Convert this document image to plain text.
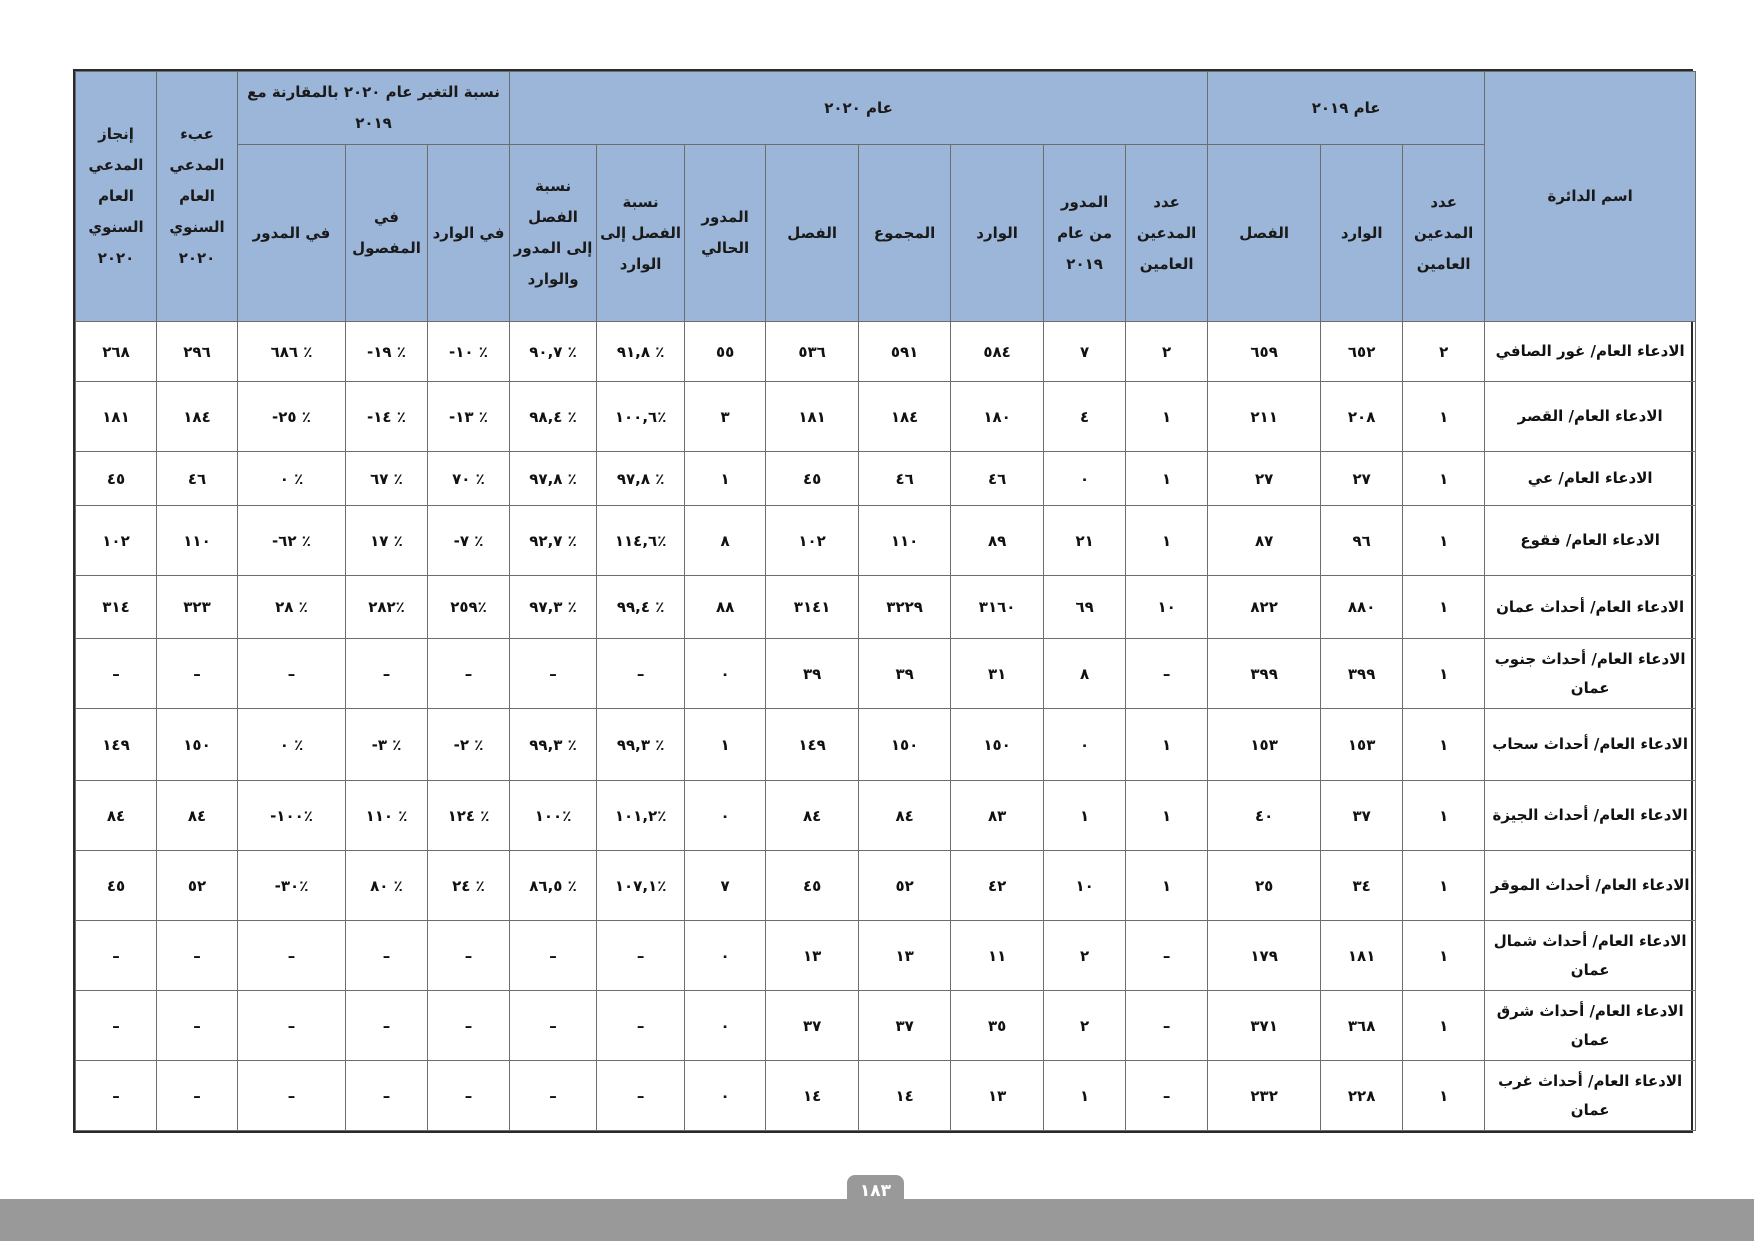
اسم الدائرة	عام ٢٠١٩			عام ٢٠٢٠								نسبة التغير عام ٢٠٢٠ بالمقارنة مع ٢٠١٩			عبء المدعي العام السنوي ٢٠٢٠	إنجاز المدعي العام السنوي ٢٠٢٠
	عدد المدعين العامين	الوارد	الفصل	عدد المدعين العامين	المدور من عام ٢٠١٩	الوارد	المجموع	الفصل	المدور الحالي	نسبة الفصل إلى الوارد	نسبة الفصل إلى المدور والوارد	في الوارد	في المفصول	في المدور		
الادعاء العام/ غور الصافي	٢	٦٥٢	٦٥٩	٢	٧	٥٨٤	٥٩١	٥٣٦	٥٥	٪ ٩١,٨	٪ ٩٠,٧	٪ ١٠-	٪ ١٩-	٪ ٦٨٦	٢٩٦	٢٦٨
الادعاء العام/ القصر	١	٢٠٨	٢١١	١	٤	١٨٠	١٨٤	١٨١	٣	٪١٠٠,٦	٪ ٩٨,٤	٪ ١٣-	٪ ١٤-	٪ ٢٥-	١٨٤	١٨١
الادعاء العام/ عي	١	٢٧	٢٧	١	٠	٤٦	٤٦	٤٥	١	٪ ٩٧,٨	٪ ٩٧,٨	٪ ٧٠	٪ ٦٧	٪ ٠	٤٦	٤٥
الادعاء العام/ فقوع	١	٩٦	٨٧	١	٢١	٨٩	١١٠	١٠٢	٨	٪١١٤,٦	٪ ٩٢,٧	٪ ٧-	٪ ١٧	٪ ٦٢-	١١٠	١٠٢
الادعاء العام/ أحداث عمان	١	٨٨٠	٨٢٢	١٠	٦٩	٣١٦٠	٣٢٢٩	٣١٤١	٨٨	٪ ٩٩,٤	٪ ٩٧,٣	٪٢٥٩	٪٢٨٢	٪ ٢٨	٣٢٣	٣١٤
الادعاء العام/ أحداث جنوب عمان	١	٣٩٩	٣٩٩	–	٨	٣١	٣٩	٣٩	٠	–	–	–	–	–	–	–
الادعاء العام/ أحداث سحاب	١	١٥٣	١٥٣	١	٠	١٥٠	١٥٠	١٤٩	١	٪ ٩٩,٣	٪ ٩٩,٣	٪ ٢-	٪ ٣-	٪ ٠	١٥٠	١٤٩
الادعاء العام/ أحداث الجيزة	١	٣٧	٤٠	١	١	٨٣	٨٤	٨٤	٠	٪١٠١,٢	٪١٠٠	٪ ١٢٤	٪ ١١٠	٪١٠٠-	٨٤	٨٤
الادعاء العام/ أحداث الموقر	١	٣٤	٢٥	١	١٠	٤٢	٥٢	٤٥	٧	٪١٠٧,١	٪ ٨٦,٥	٪ ٢٤	٪ ٨٠	٪٣٠-	٥٢	٤٥
الادعاء العام/ أحداث شمال عمان	١	١٨١	١٧٩	–	٢	١١	١٣	١٣	٠	–	–	–	–	–	–	–
الادعاء العام/ أحداث شرق عمان	١	٣٦٨	٣٧١	–	٢	٣٥	٣٧	٣٧	٠	–	–	–	–	–	–	–
الادعاء العام/ أحداث غرب عمان	١	٢٢٨	٢٣٢	–	١	١٣	١٤	١٤	٠	–	–	–	–	–	–	–
١٨٣
